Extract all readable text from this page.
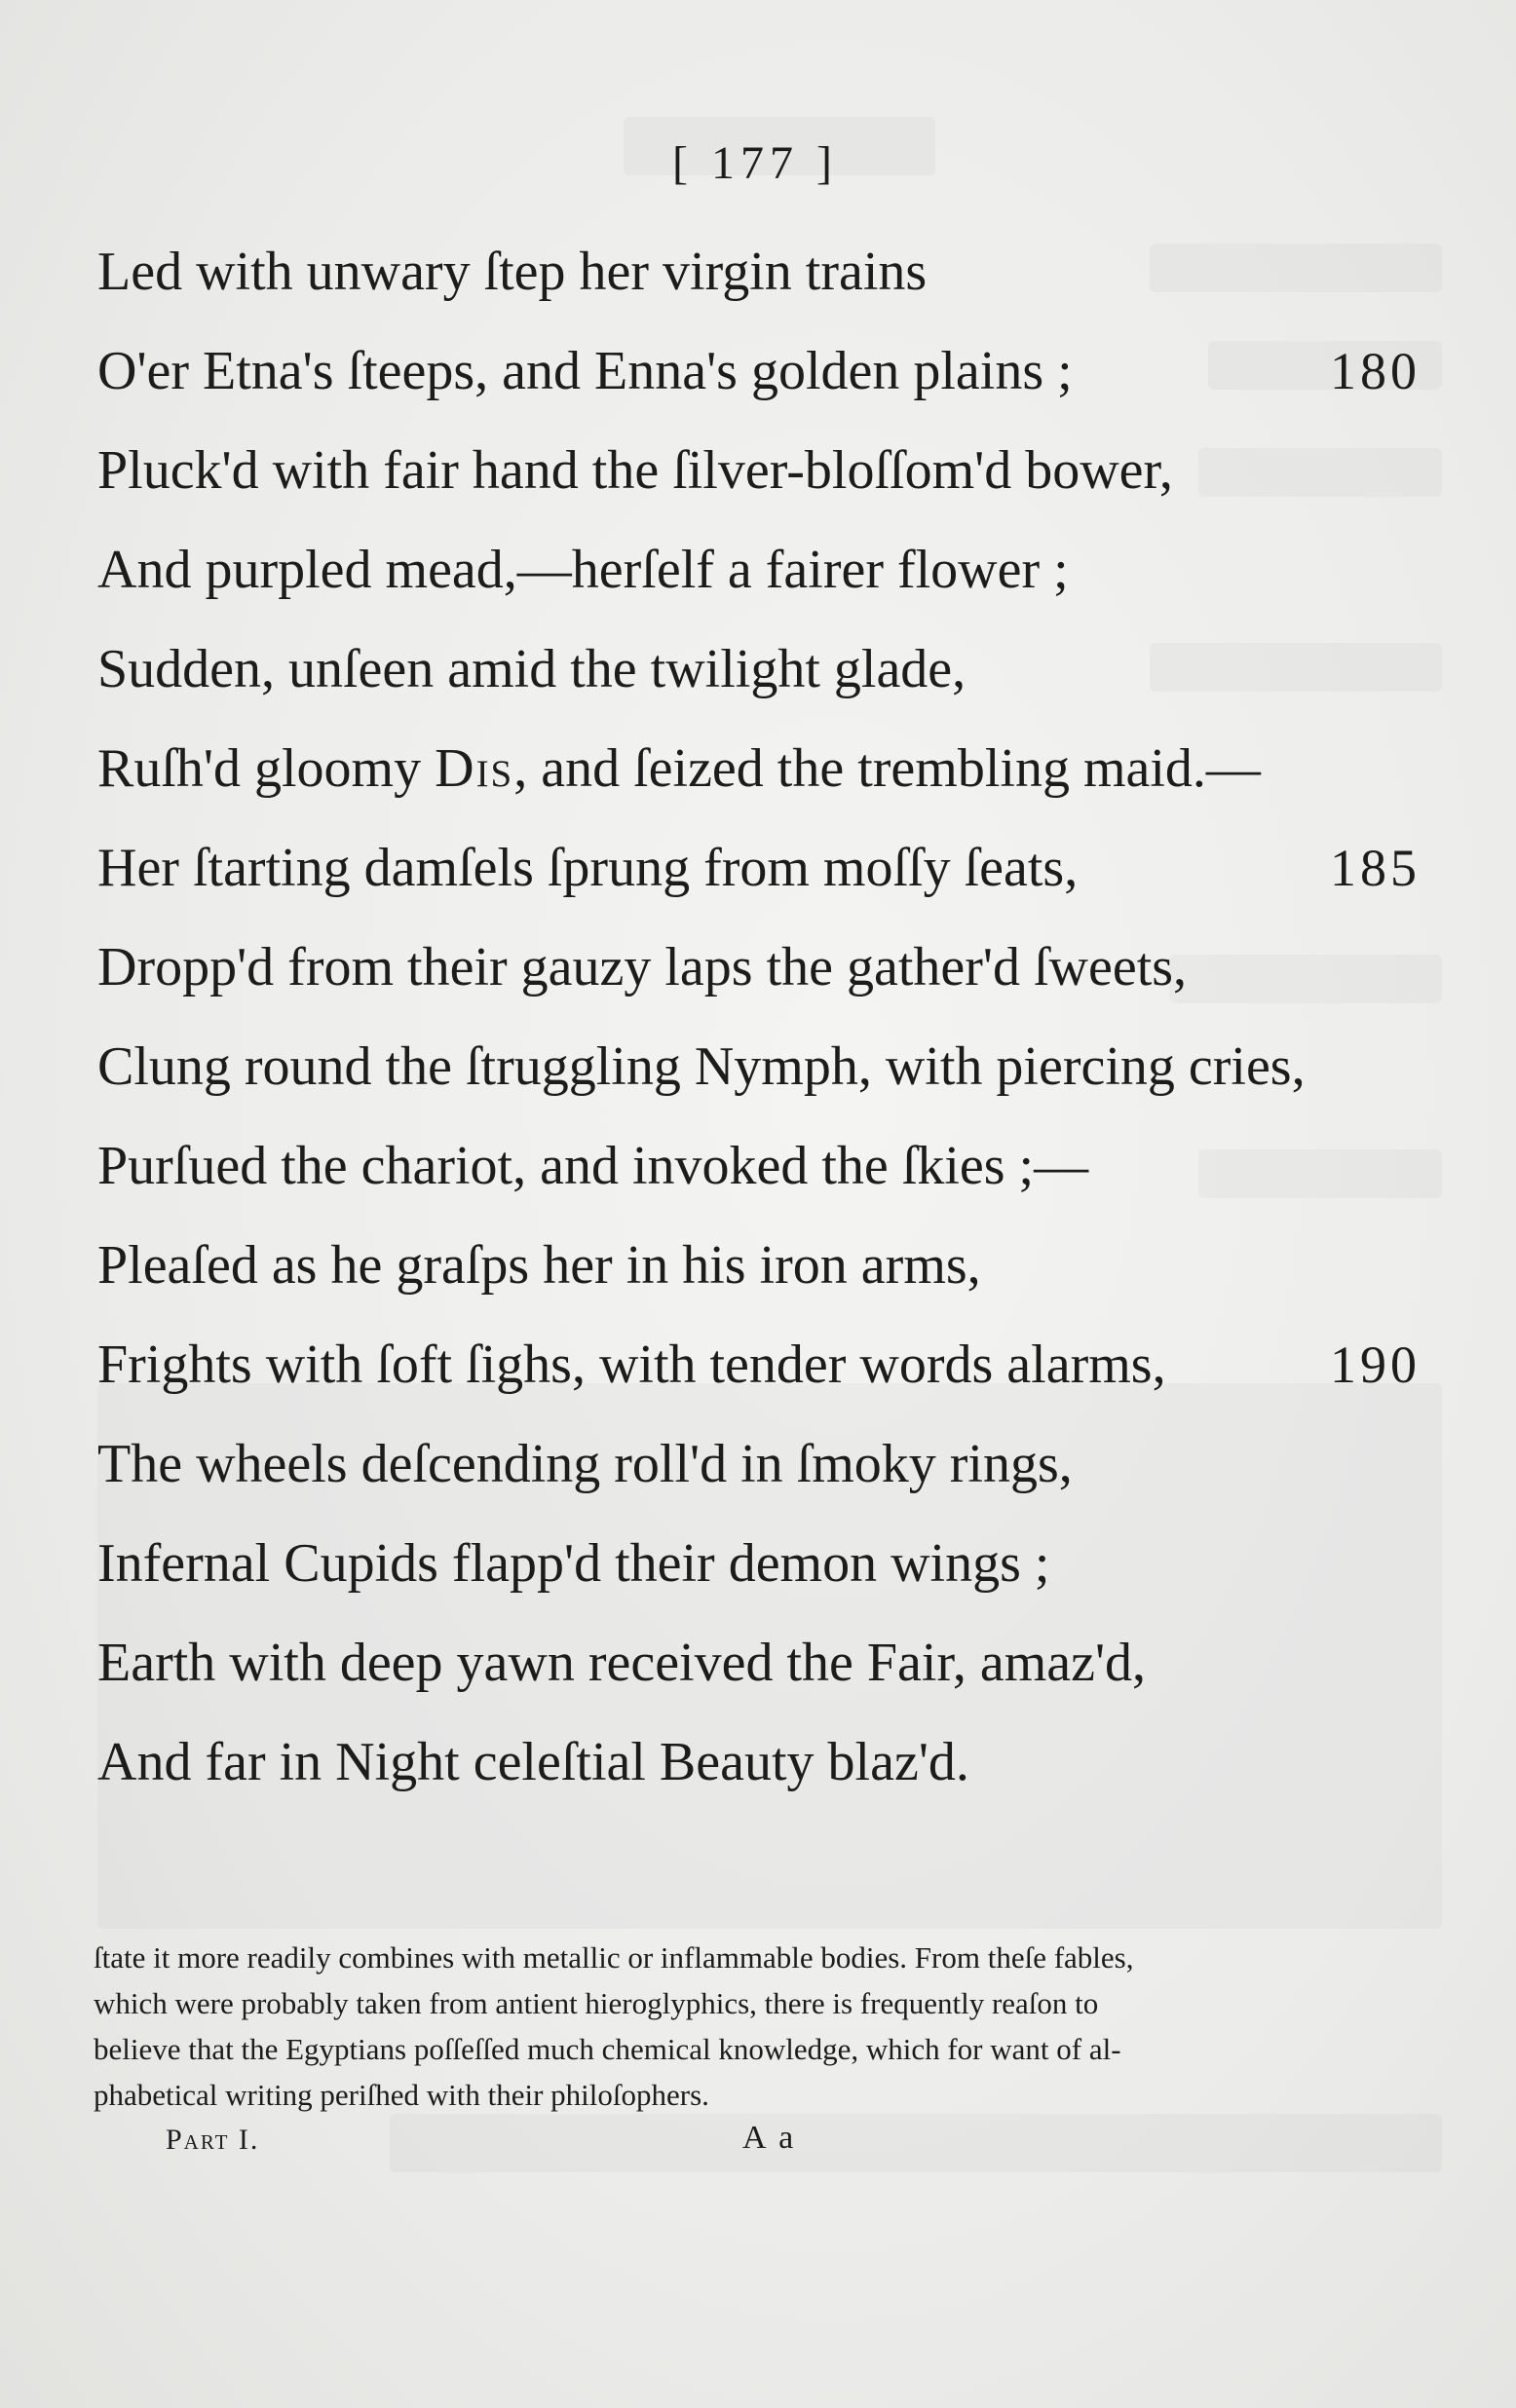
[ 177 ]
Led with unwary ſtep her virgin trains
O'er Etna's ſteeps, and Enna's golden plains ;	180
Pluck'd with fair hand the ſilver-bloſſom'd bower,
And purpled mead,—herſelf a fairer flower ;
Sudden, unſeen amid the twilight glade,
Ruſh'd gloomy Dis, and ſeized the trembling maid.—
Her ſtarting damſels ſprung from moſſy ſeats,	185
Dropp'd from their gauzy laps the gather'd ſweets,
Clung round the ſtruggling Nymph, with piercing cries,
Purſued the chariot, and invoked the ſkies ;—
Pleaſed as he graſps her in his iron arms,
Frights with ſoft ſighs, with tender words alarms,	190
The wheels deſcending roll'd in ſmoky rings,
Infernal Cupids flapp'd their demon wings ;
Earth with deep yawn received the Fair, amaz'd,
And far in Night celeſtial Beauty blaz'd.
ſtate it more readily combines with metallic or inflammable bodies. From theſe fables,
which were probably taken from antient hieroglyphics, there is frequently reaſon to
believe that the Egyptians poſſeſſed much chemical knowledge, which for want of al-
phabetical writing periſhed with their philoſophers.
Part I.	A a
